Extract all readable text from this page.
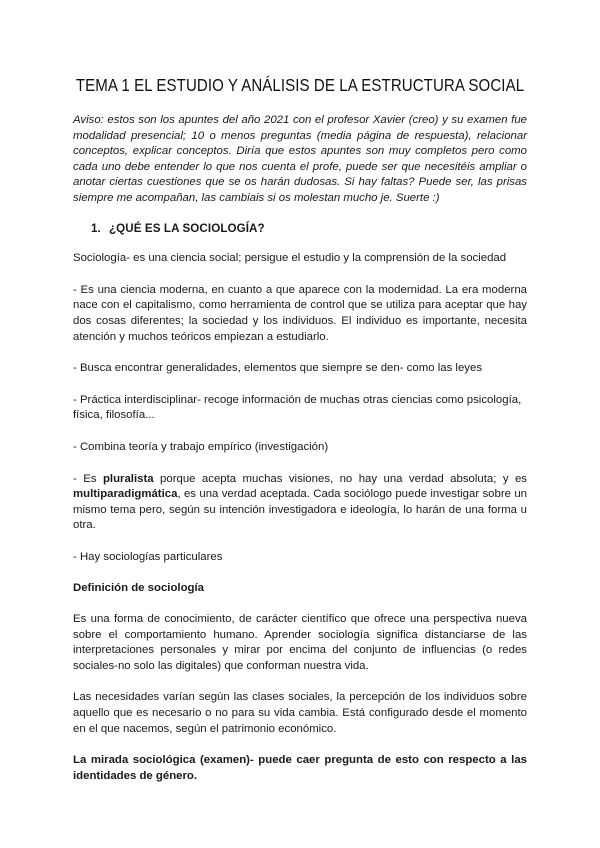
TEMA 1 EL ESTUDIO Y ANÁLISIS DE LA ESTRUCTURA SOCIAL

Aviso: estos son los apuntes del año 2021 con el profesor Xavier (creo) y su examen fue modalidad presencial; 10 o menos preguntas (media página de respuesta), relacionar conceptos, explicar conceptos. Diría que estos apuntes son muy completos pero como cada uno debe entender lo que nos cuenta el profe, puede ser que necesitéis ampliar o anotar ciertas cuestiones que se os harán dudosas. Si hay faltas? Puede ser, las prisas siempre me acompañan, las cambiais si os molestan mucho je. Suerte :)

1. ¿QUÉ ES LA SOCIOLOGÍA?

Sociología- es una ciencia social; persigue el estudio y la comprensión de la sociedad

- Es una ciencia moderna, en cuanto a que aparece con la modernidad. La era moderna nace con el capitalismo, como herramienta de control que se utiliza para aceptar que hay dos cosas diferentes; la sociedad y los individuos. El individuo es importante, necesita atención y muchos teóricos empiezan a estudiarlo.

- Busca encontrar generalidades, elementos que siempre se den- como las leyes

- Práctica interdisciplinar- recoge información de muchas otras ciencias como psicología, física, filosofía...

- Combina teoría y trabajo empírico (investigación)

- Es pluralista porque acepta muchas visiones, no hay una verdad absoluta; y es multiparadigmática, es una verdad aceptada. Cada sociólogo puede investigar sobre un mismo tema pero, según su intención investigadora e ideología, lo harán de una forma u otra.

- Hay sociologías particulares

Definición de sociología

Es una forma de conocimiento, de carácter científico que ofrece una perspectiva nueva sobre el comportamiento humano. Aprender sociología significa distanciarse de las interpretaciones personales y mirar por encima del conjunto de influencias (o redes sociales-no solo las digitales) que conforman nuestra vida.

Las necesidades varían según las clases sociales, la percepción de los individuos sobre aquello que es necesario o no para su vida cambia. Está configurado desde el momento en el que nacemos, según el patrimonio económico.

La mirada sociológica (examen)- puede caer pregunta de esto con respecto a las identidades de género.
